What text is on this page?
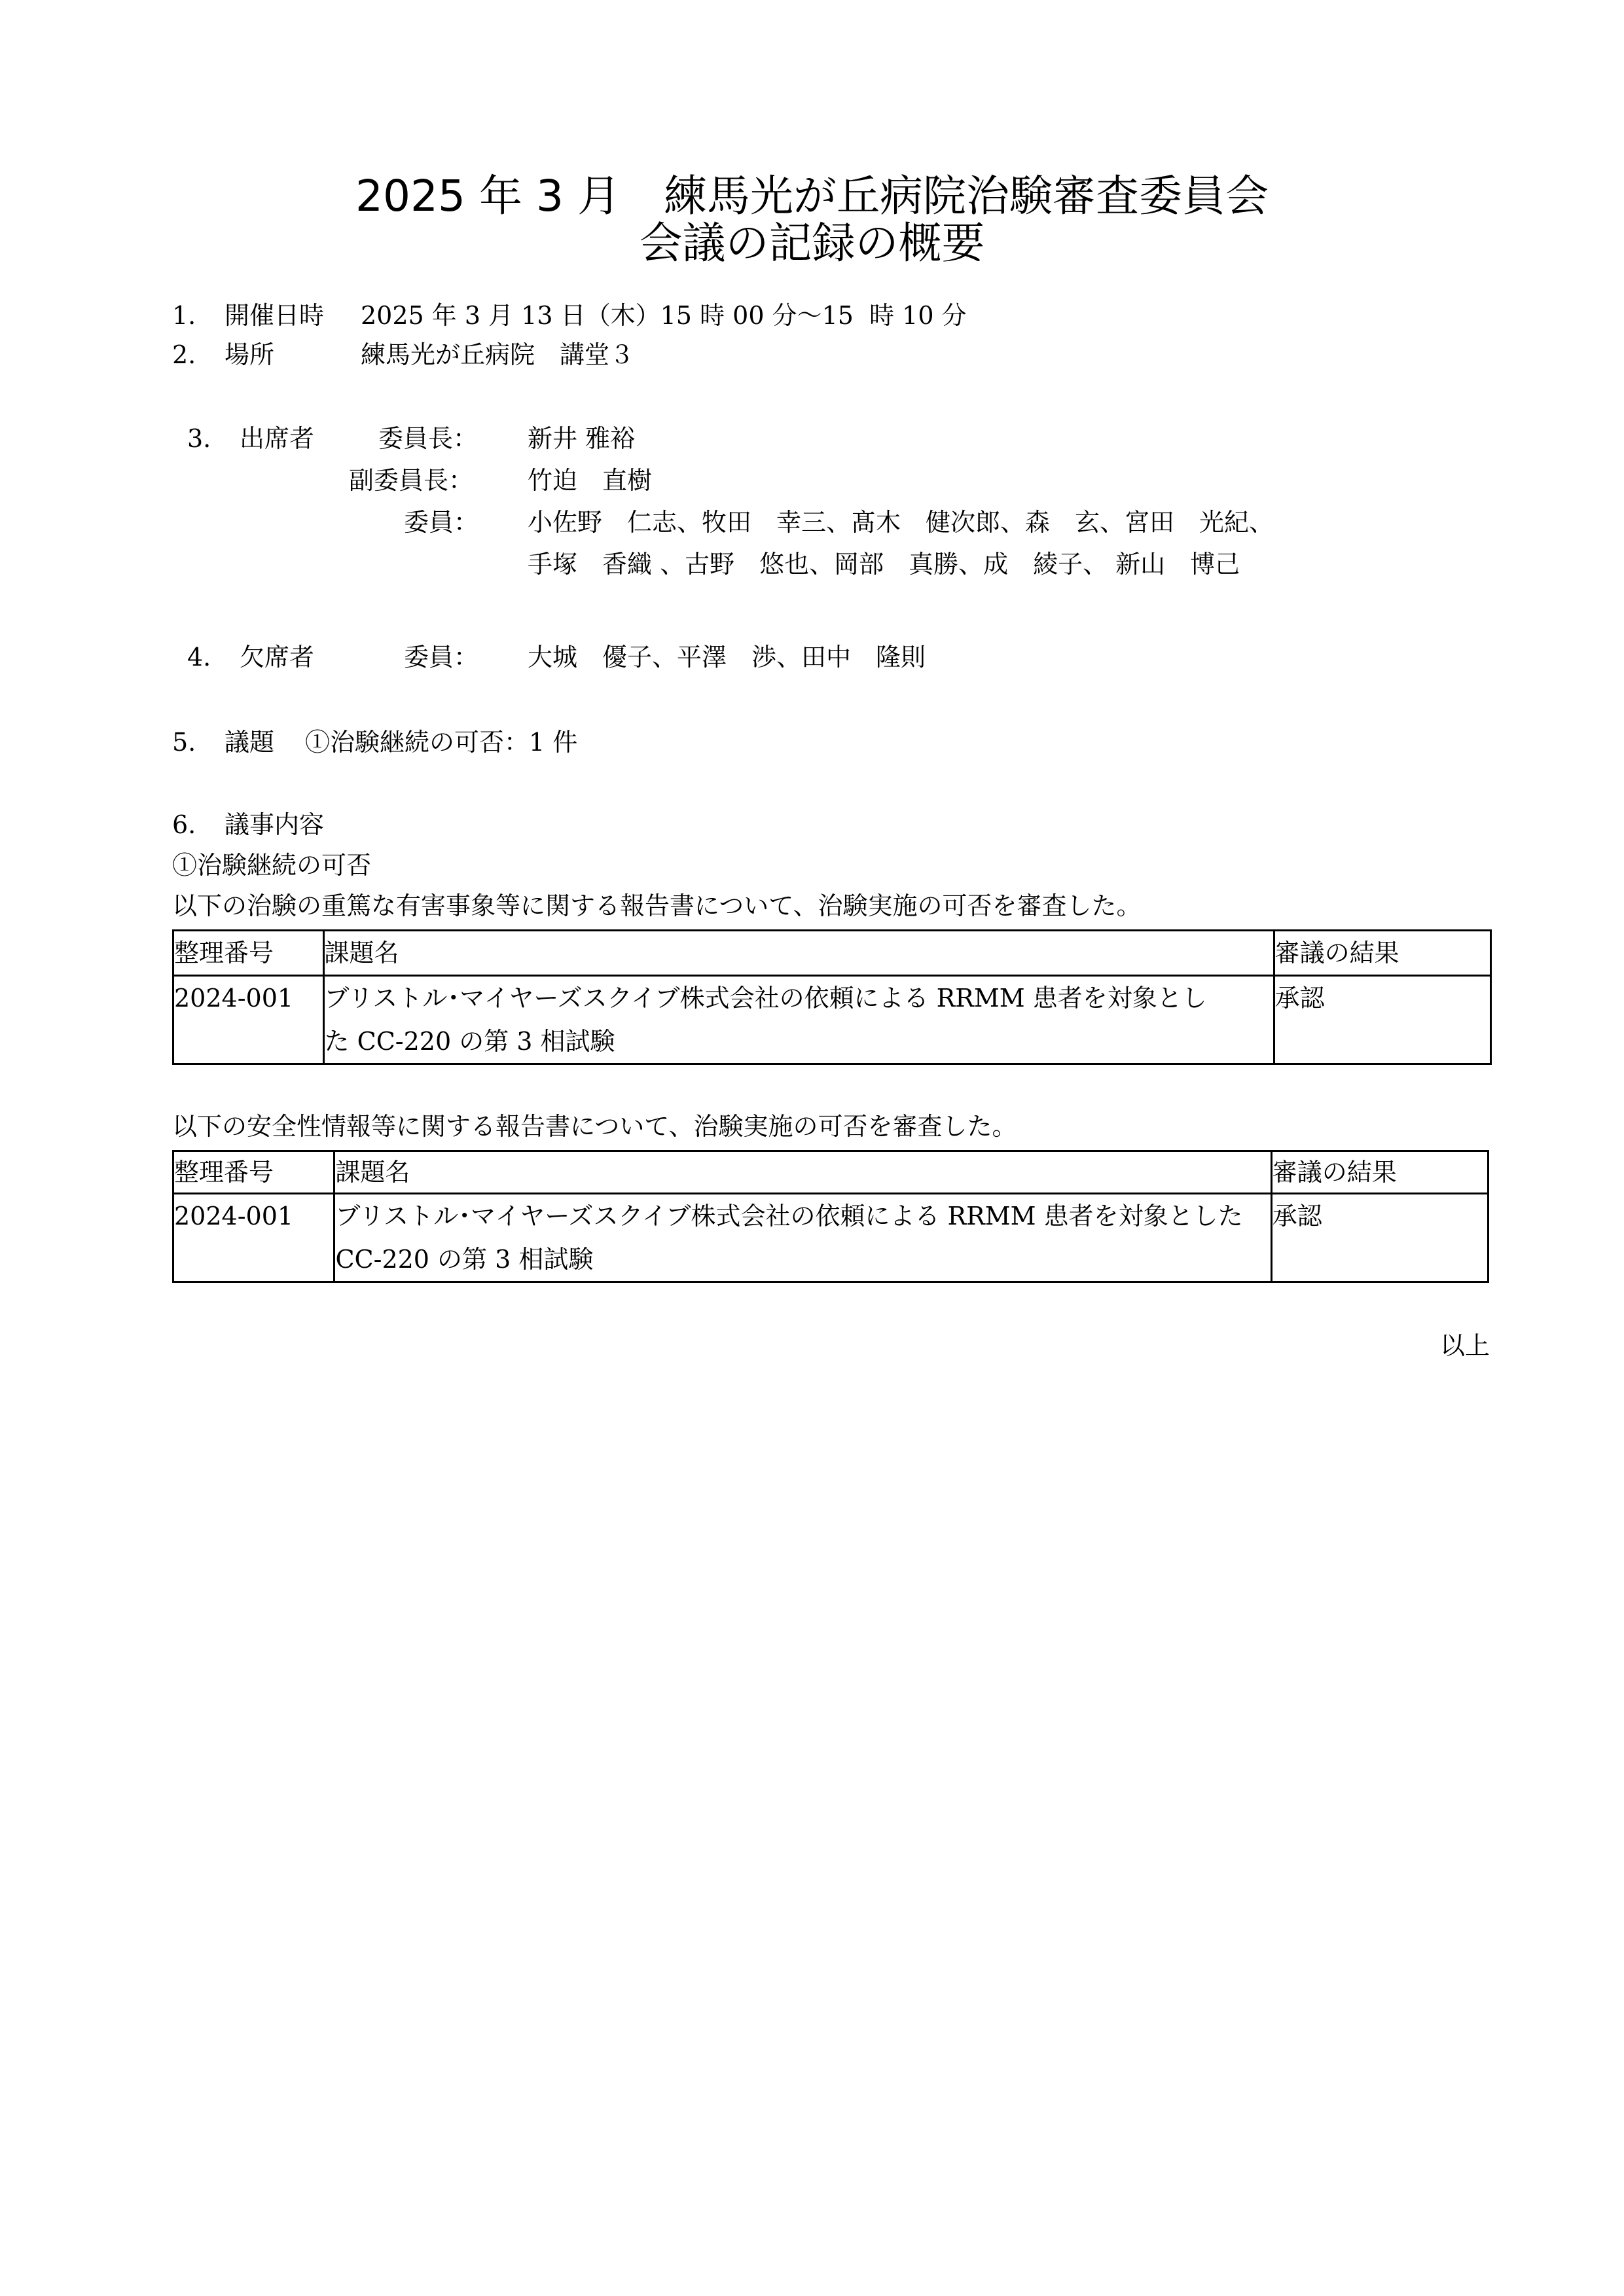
2025 年 3 月　練馬光が丘病院治験審査委員会
会議の記録の概要
1. 開催日時 2025 年 3 月 13 日（木）15 時 00 分～15  時 10 分
2. 場所	練馬光が丘病院　講堂３
3. 出席者	委員長： 新井 雅裕
副委員長： 竹迫　直樹
委員： 小佐野　仁志、牧田　幸三、髙木　健次郎、森　玄、宮田　光紀、
手塚　香織 、古野　悠也、岡部　真勝、成　綾子、 新山　博己
4. 欠席者	委員： 大城　優子、平澤　渉、田中　隆則
5. 議題 ①治験継続の可否：1 件
6. 議事内容
①治験継続の可否
以下の治験の重篤な有害事象等に関する報告書について、治験実施の可否を審査した。
整理番号	課題名	審議の結果
2024-001	ブリストル･マイヤーズスクイブ株式会社の依頼による RRMM 患者を対象とし
た CC-220 の第 3 相試験	承認
以下の安全性情報等に関する報告書について、治験実施の可否を審査した。
整理番号	課題名	審議の結果
2024-001	ブリストル･マイヤーズスクイブ株式会社の依頼による RRMM 患者を対象とした
CC-220 の第 3 相試験	承認
以上
